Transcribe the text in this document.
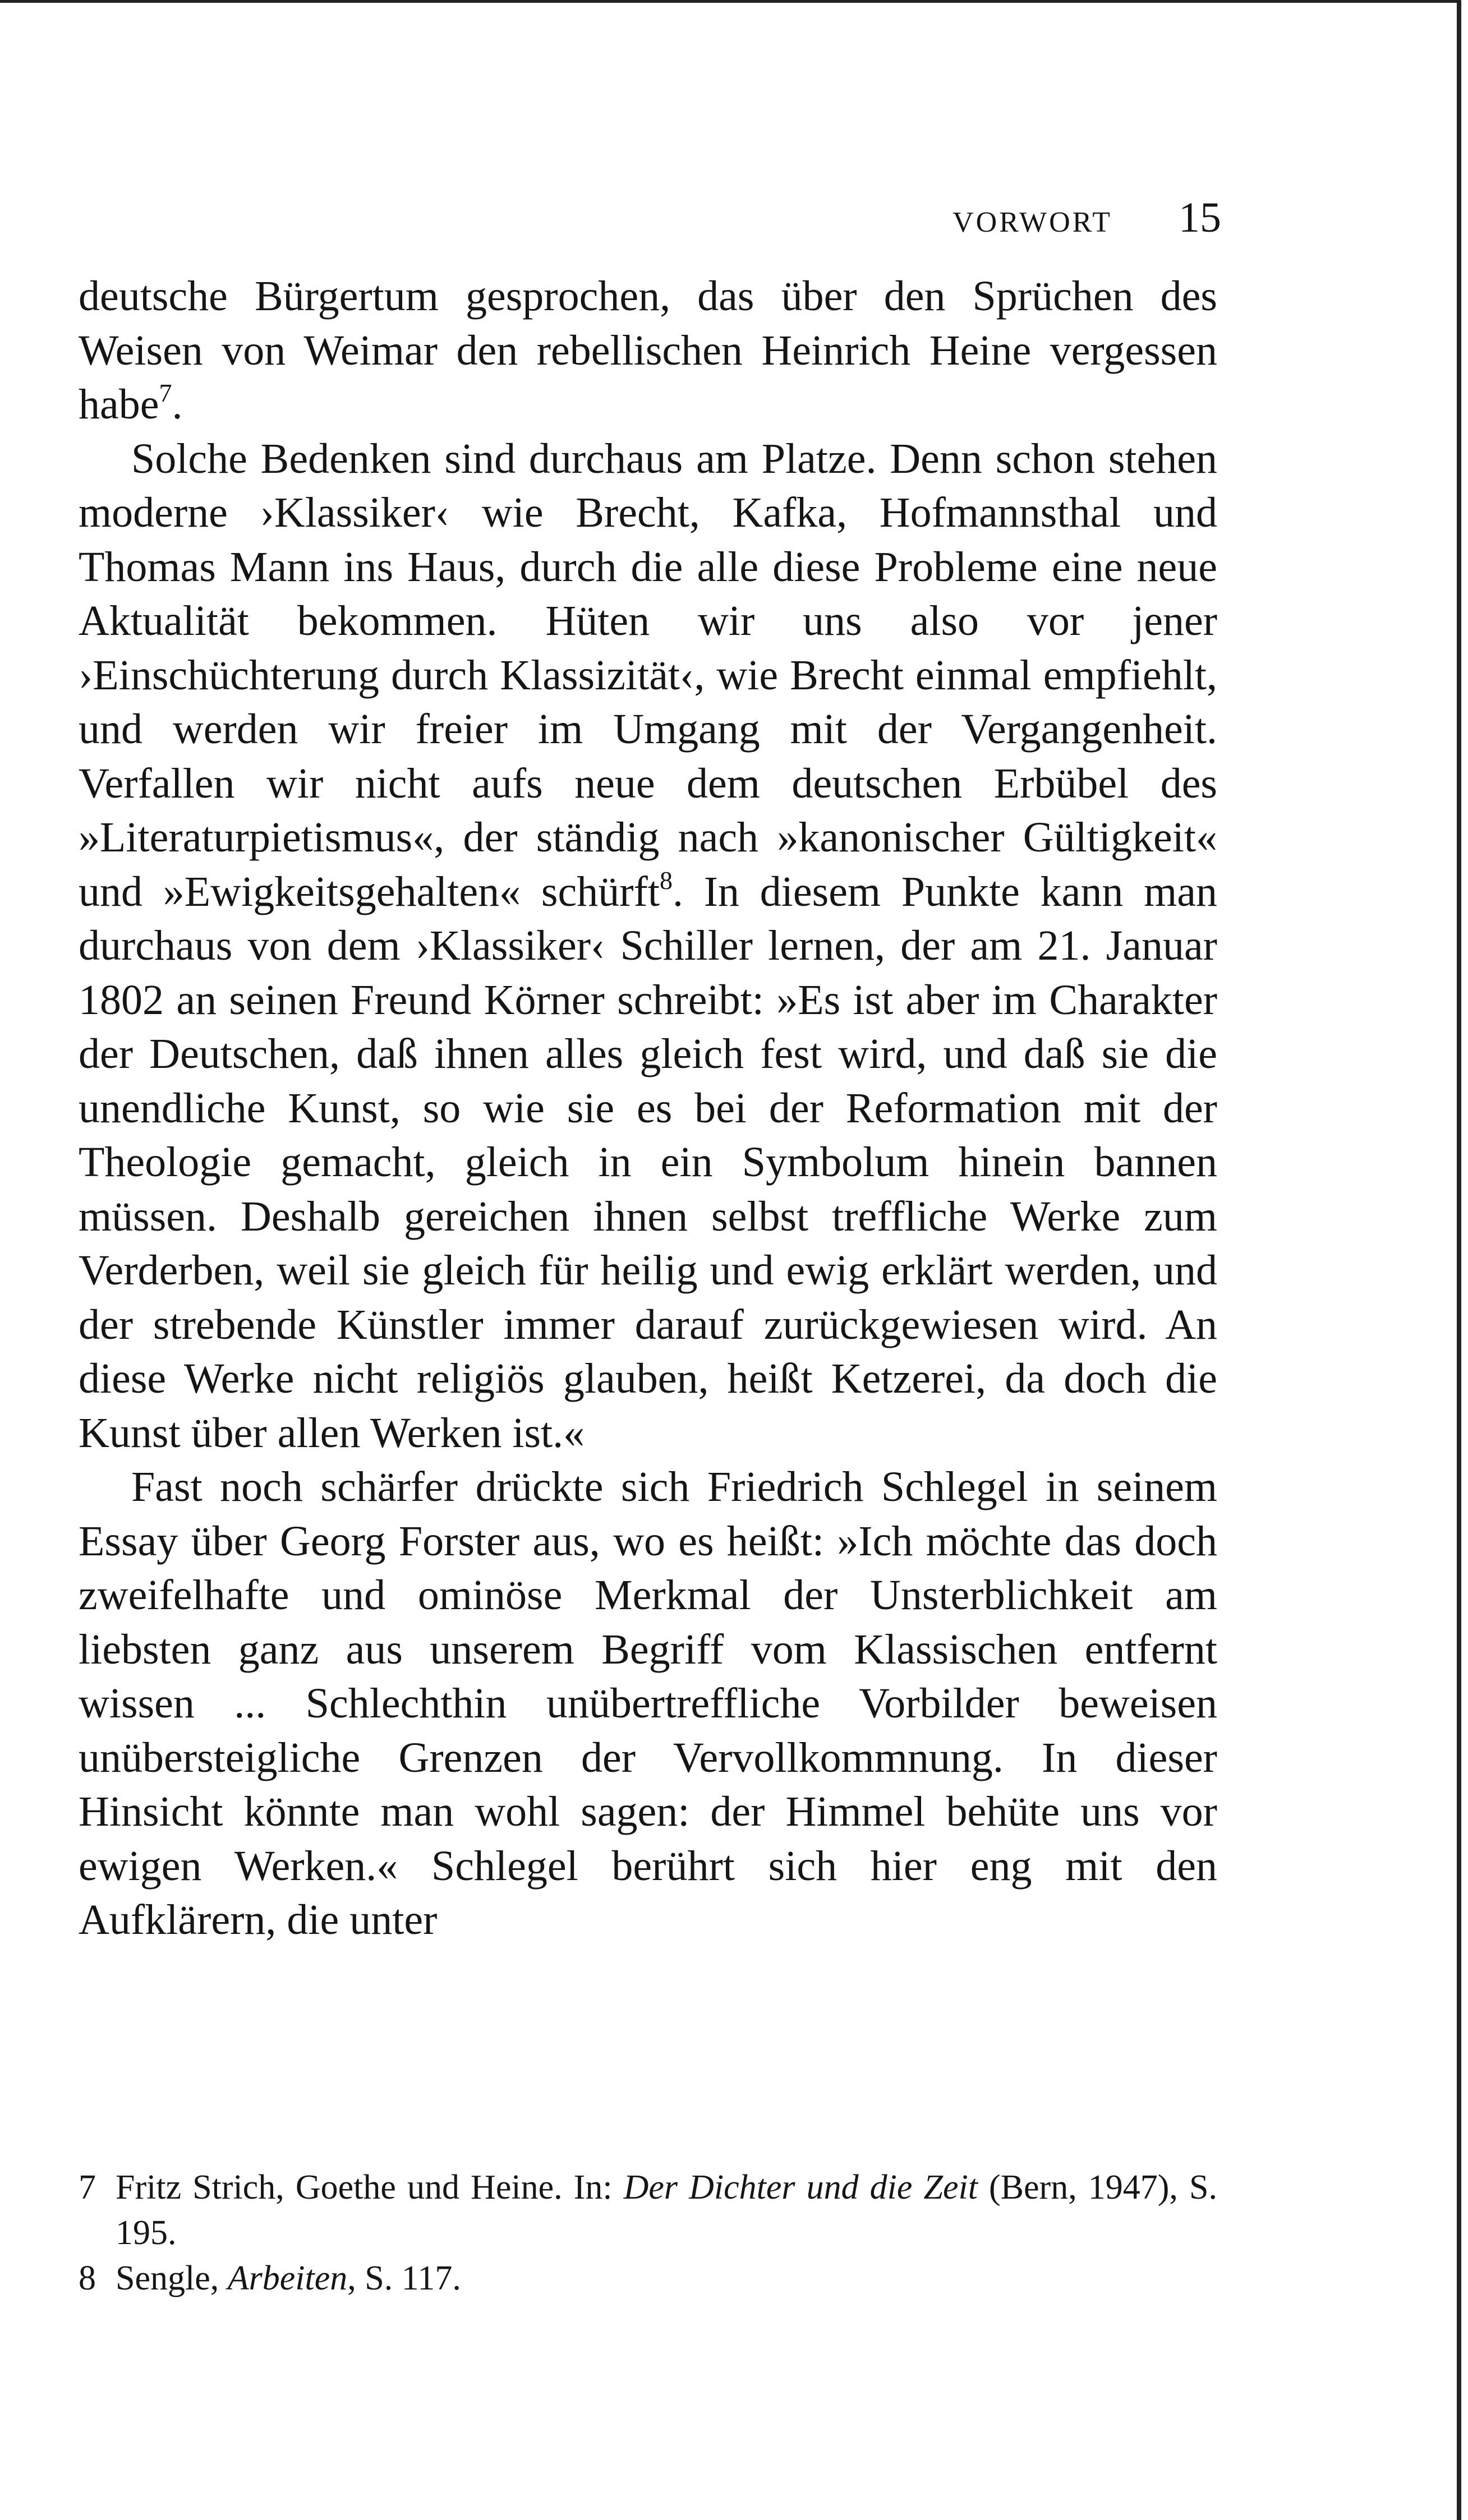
VORWORT 15

deutsche Bürgertum gesprochen, das über den Sprüchen des Weisen von Weimar den rebellischen Heinrich Heine vergessen habe$^7$.

Solche Bedenken sind durchaus am Platze. Denn schon stehen moderne ›Klassiker‹ wie Brecht, Kafka, Hofmannsthal und Thomas Mann ins Haus, durch die alle diese Probleme eine neue Aktualität bekommen. Hüten wir uns also vor jener ›Einschüchterung durch Klassizität‹, wie Brecht einmal empfiehlt, und werden wir freier im Umgang mit der Vergangenheit. Verfallen wir nicht aufs neue dem deutschen Erbübel des »Literaturpietismus«, der ständig nach »kanonischer Gültigkeit« und »Ewigkeitsgehalten« schürft$^8$. In diesem Punkte kann man durchaus von dem ›Klassiker‹ Schiller lernen, der am 21. Januar 1802 an seinen Freund Körner schreibt: »Es ist aber im Charakter der Deutschen, daß ihnen alles gleich fest wird, und daß sie die unendliche Kunst, so wie sie es bei der Reformation mit der Theologie gemacht, gleich in ein Symbolum hinein bannen müssen. Deshalb gereichen ihnen selbst treffliche Werke zum Verderben, weil sie gleich für heilig und ewig erklärt werden, und der strebende Künstler immer darauf zurückgewiesen wird. An diese Werke nicht religiös glauben, heißt Ketzerei, da doch die Kunst über allen Werken ist.«

Fast noch schärfer drückte sich Friedrich Schlegel in seinem Essay über Georg Forster aus, wo es heißt: »Ich möchte das doch zweifelhafte und ominöse Merkmal der Unsterblichkeit am liebsten ganz aus unserem Begriff vom Klassischen entfernt wissen ... Schlechthin unübertreffliche Vorbilder beweisen unübersteigliche Grenzen der Vervollkommnung. In dieser Hinsicht könnte man wohl sagen: der Himmel behüte uns vor ewigen Werken.« Schlegel berührt sich hier eng mit den Aufklärern, die unter

7 Fritz Strich, Goethe und Heine. In: Der Dichter und die Zeit (Bern, 1947), S. 195.
8 Sengle, Arbeiten, S. 117.
